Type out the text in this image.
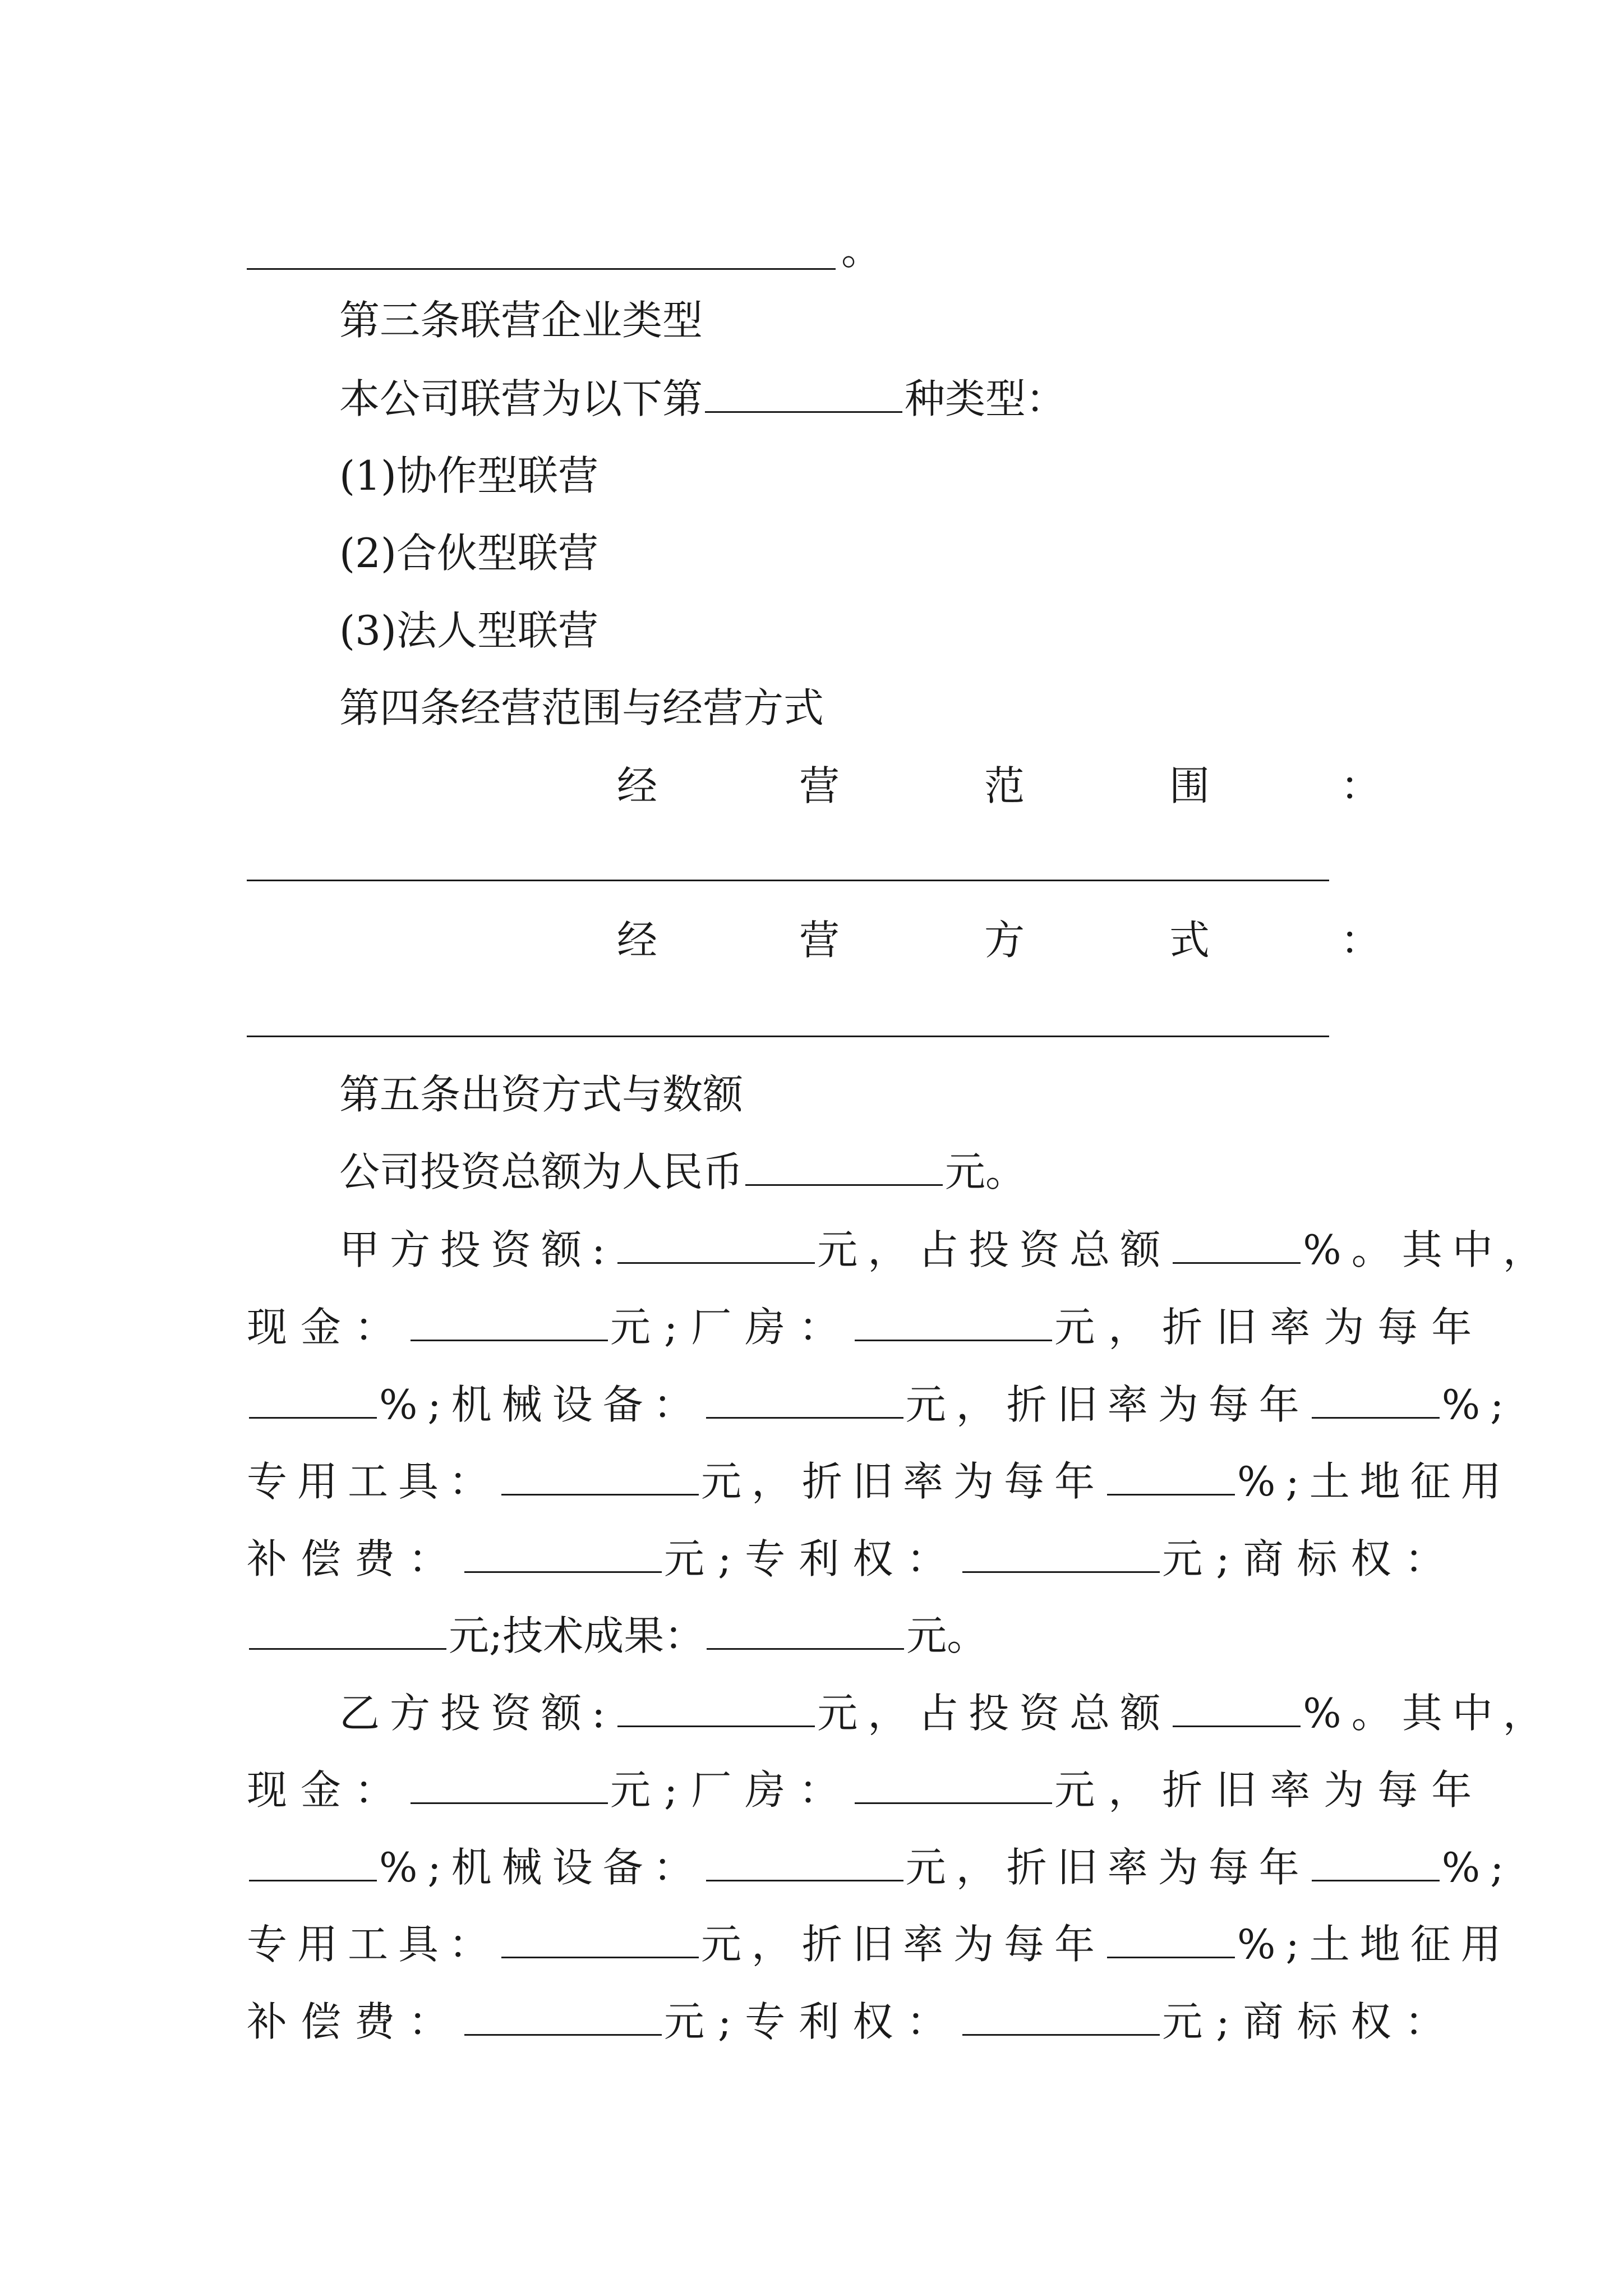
。
第三条联营企业类型
本公司联营为以下第	种类型：
(1)协作型联营
(2)合伙型联营
(3)法人型联营
第四条经营范围与经营方式
经	营	范	围	：
经	营	方	式	：
第五条出资方式与数额
公司投资总额为人民币	元。
甲方投资额:	元，占投资总额	%。其中，
现金：	元;厂房：	元，折旧率为每年
%;机械设备：	元，折旧率为每年	%;
专用工具：	元，折旧率为每年	%;土地征用
补偿费：	元;专利权：	元;商标权：
元;技术成果：	元。
乙方投资额:	元，占投资总额	%。其中，
现金：	元;厂房：	元，折旧率为每年
%;机械设备：	元，折旧率为每年	%;
专用工具：	元，折旧率为每年	%;土地征用
补偿费：	元;专利权：	元;商标权：
